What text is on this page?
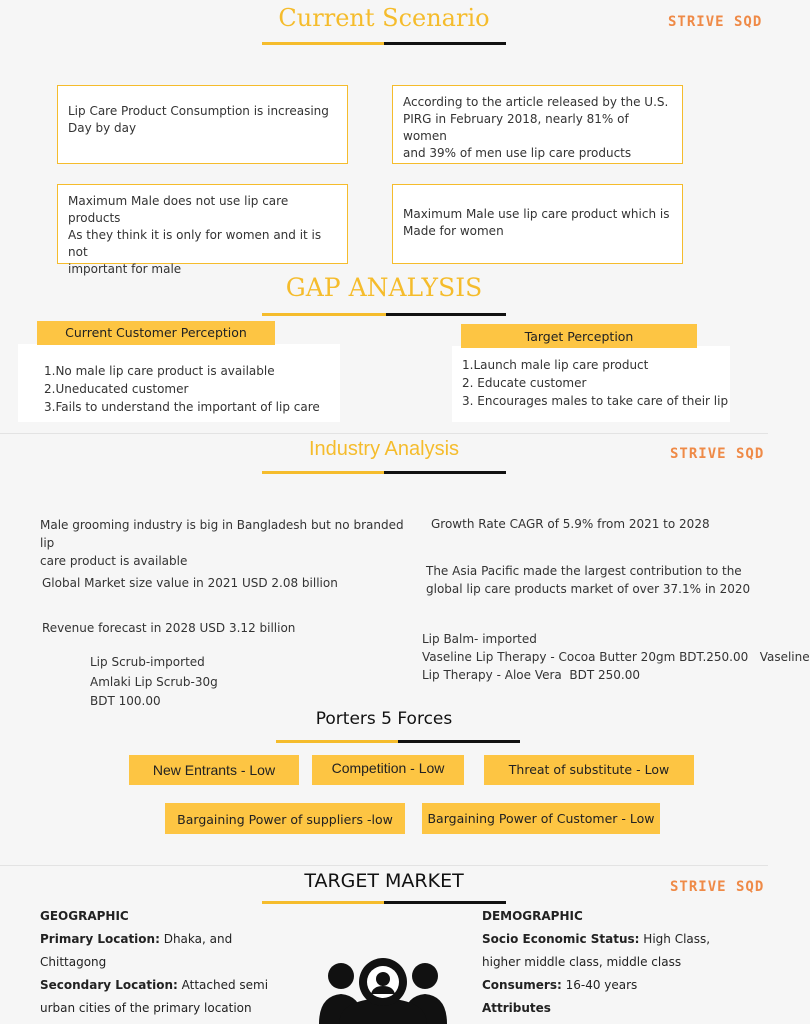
Current Scenario	STRIVE SQD
Lip Care Product Consumption is increasing
Day by day
According to the article released by the U.S.
PIRG in February 2018, nearly 81% of women
and 39% of men use lip care products
Maximum Male does not use lip care products
As they think it is only for women and it is not
important for male
Maximum Male use lip care product which is
Made for women
GAP ANALYSIS
Current Customer Perception
1.No male lip care product is available
2.Uneducated customer
3.Fails to understand the important of lip care
Target Perception
1.Launch male lip care product
2. Educate customer
3. Encourages males to take care of their lip
Industry Analysis	STRIVE SQD
Male grooming industry is big in Bangladesh but no branded lip
care product is available
Global Market size value in 2021 USD 2.08 billion
Revenue forecast in 2028 USD 3.12 billion
Lip Scrub-imported
Amlaki Lip Scrub-30g
BDT 100.00
Growth Rate CAGR of 5.9% from 2021 to 2028
The Asia Pacific made the largest contribution to the
global lip care products market of over 37.1% in 2020
Lip Balm- imported
Vaseline Lip Therapy - Cocoa Butter 20gm BDT.250.00   Vaseline
Lip Therapy - Aloe Vera  BDT 250.00
Porters 5 Forces
New Entrants - Low	Competition - Low	Threat of substitute - Low
Bargaining Power of suppliers -low	Bargaining Power of Customer - Low
TARGET MARKET	STRIVE SQD
GEOGRAPHIC
Primary Location: Dhaka, and
Chittagong
Secondary Location: Attached semi
urban cities of the primary location
DEMOGRAPHIC
Socio Economic Status: High Class,
higher middle class, middle class
Consumers: 16-40 years
Attributes
